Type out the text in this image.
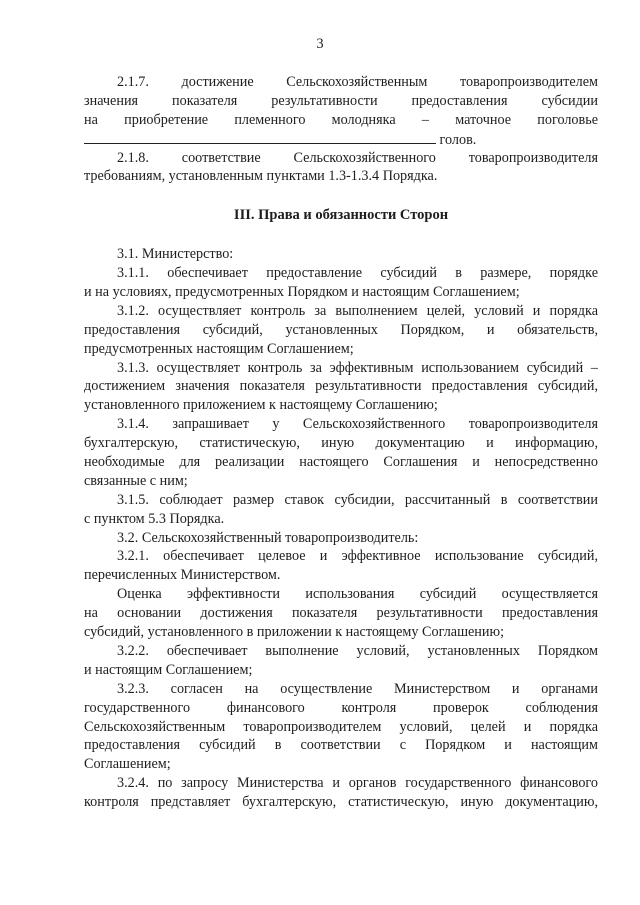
3
2.1.7. достижение Сельскохозяйственным товаропроизводителем
значения показателя результативности предоставления субсидии
на приобретение племенного молодняка – маточное поголовье
голов.
2.1.8. соответствие Сельскохозяйственного товаропроизводителя
требованиям, установленным пунктами 1.3-1.3.4 Порядка.
III. Права и обязанности Сторон
3.1. Министерство:
3.1.1. обеспечивает предоставление субсидий в размере, порядке
и на условиях, предусмотренных Порядком и настоящим Соглашением;
3.1.2. осуществляет контроль за выполнением целей, условий и порядка
предоставления субсидий, установленных Порядком, и обязательств,
предусмотренных настоящим Соглашением;
3.1.3. осуществляет контроль за эффективным использованием субсидий –
достижением значения показателя результативности предоставления субсидий,
установленного приложением к настоящему Соглашению;
3.1.4. запрашивает у Сельскохозяйственного товаропроизводителя
бухгалтерскую, статистическую, иную документацию и информацию,
необходимые для реализации настоящего Соглашения и непосредственно
связанные с ним;
3.1.5. соблюдает размер ставок субсидии, рассчитанный в соответствии
с пунктом 5.3 Порядка.
3.2. Сельскохозяйственный товаропроизводитель:
3.2.1. обеспечивает целевое и эффективное использование субсидий,
перечисленных Министерством.
Оценка эффективности использования субсидий осуществляется
на основании достижения показателя результативности предоставления
субсидий, установленного в приложении к настоящему Соглашению;
3.2.2. обеспечивает выполнение условий, установленных Порядком
и настоящим Соглашением;
3.2.3. согласен на осуществление Министерством и органами
государственного финансового контроля проверок соблюдения
Сельскохозяйственным товаропроизводителем условий, целей и порядка
предоставления субсидий в соответствии с Порядком и настоящим
Соглашением;
3.2.4. по запросу Министерства и органов государственного финансового
контроля представляет бухгалтерскую, статистическую, иную документацию,
